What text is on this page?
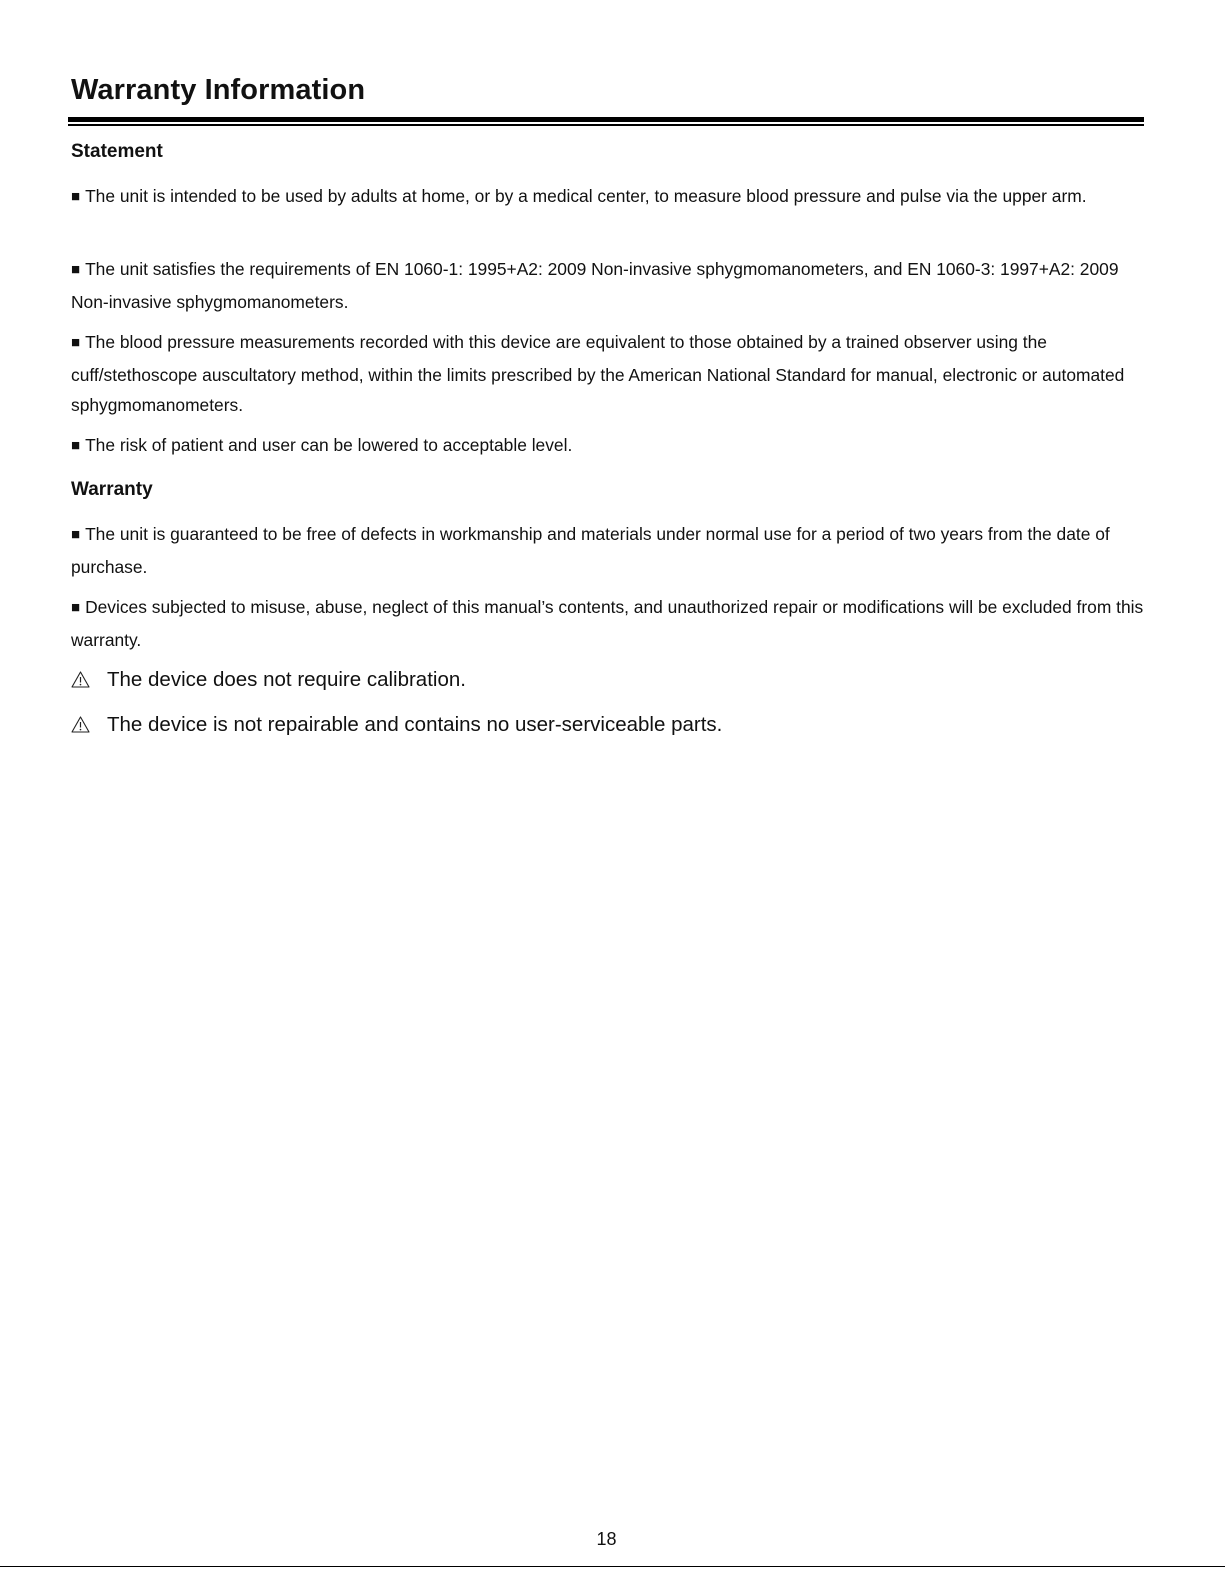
Warranty Information
Statement

■ The unit is intended to be used by adults at home, or by a medical center, to measure blood pressure and pulse via the upper arm.

■ The unit satisfies the requirements of EN 1060-1: 1995+A2: 2009 Non-invasive sphygmomanometers, and EN 1060-3: 1997+A2: 2009 Non-invasive sphygmomanometers.

■ The blood pressure measurements recorded with this device are equivalent to those obtained by a trained observer using the cuff/stethoscope auscultatory method, within the limits prescribed by the American National Standard for manual, electronic or automated sphygmomanometers.

■ The risk of patient and user can be lowered to acceptable level.

Warranty

■ The unit is guaranteed to be free of defects in workmanship and materials under normal use for a period of two years from the date of purchase.

■ Devices subjected to misuse, abuse, neglect of this manual’s contents, and unauthorized repair or modifications will be excluded from this warranty.

The device does not require calibration.
The device is not repairable and contains no user-serviceable parts.
18
